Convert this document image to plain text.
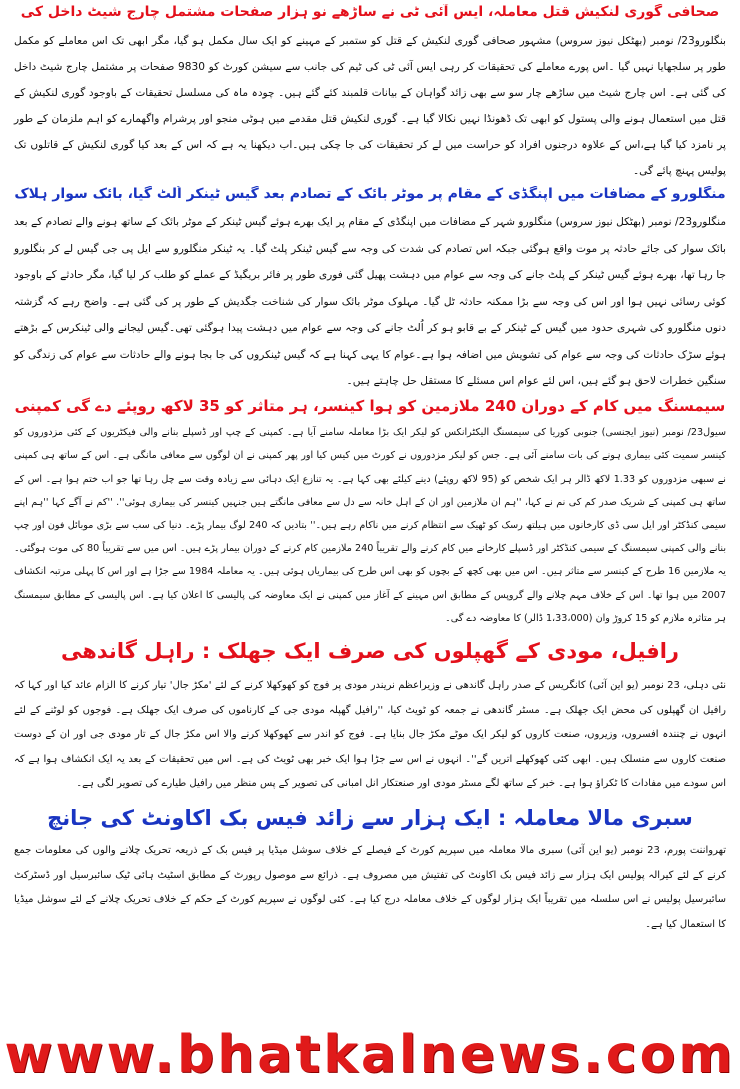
صحافی گوری لنکیش قتل معاملہ، ایس آئی ٹی نے ساڑھے نو ہزار صفحات مشتمل چارج شیٹ داخل کی

بنگلورو23/ نومبر (بھٹکل نیوز سروس) مشہور صحافی گوری لنکیش کے قتل کو ستمبر کے مہینے کو ایک سال مکمل ہو گیا، مگر ابھی تک اس معاملے کو مکمل طور پر سلجھایا نہیں گیا ۔اس پورے معاملے کی تحقیقات کر رہی ایس آئی ٹی کی ٹیم کی جانب سے سیشن کورٹ کو 9830 صفحات پر مشتمل چارج شیٹ داخل کی گئی ہے۔ اس چارج شیٹ میں ساڑھے چار سو سے بھی زائد گواہان کے بیانات قلمبند کئے گئے ہیں۔ چودہ ماہ کی مسلسل تحقیقات کے باوجود گوری لنکیش کے قتل میں استعمال ہونے والی پستول کو ابھی تک ڈھونڈا نہیں نکالا گیا ہے۔ گوری لنکیش قتل مقدمے میں ہوٹی منجو اور پرشرام واگھمارے کو اہم ملزمان کے طور پر نامزد کیا گیا ہے،اس کے علاوہ درجنوں افراد کو حراست میں لے کر تحقیقات کی جا چکی ہیں۔اب دیکھنا یہ ہے کہ اس کے بعد کیا گوری لنکیش کے قاتلوں تک پولیس پہنچ پائے گی۔

منگلورو کے مضافات میں اپنگڈی کے مقام پر موٹر بائک کے تصادم بعد گیس ٹینکر اُلٹ گیا، بائک سوار ہلاک

منگلورو23/ نومبر (بھٹکل نیوز سروس) منگلورو شہر کے مضافات میں اپنگڈی کے مقام پر ایک بھرے ہوئے گیس ٹینکر کے موٹر بائک کے ساتھ ہونے والے تصادم کے بعد بائک سوار کی جائے حادثہ پر موت واقع ہوگئی جبکہ اس تصادم کی شدت کی وجہ سے گیس ٹینکر پلٹ گیا۔ یہ ٹینکر منگلورو سے ایل پی جی گیس لے کر بنگلورو جا رہا تھا، بھرے ہوئے گیس ٹینکر کے پلٹ جانے کی وجہ سے عوام میں دہشت پھیل گئی فوری طور پر فائر بریگیڈ کے عملے کو طلب کر لیا گیا، مگر حادثے کے باوجود کوئی رسائی نہیں ہوا اور اس کی وجہ سے بڑا ممکنہ حادثہ ٹل گیا۔ مہلوک موٹر بائک سوار کی شناخت جگدیش کے طور پر کی گئی ہے۔ واضح رہے کہ گزشتہ دنوں منگلورو کی شہری حدود میں گیس کے ٹینکر کے بے قابو ہو کر اُلٹ جانے کی وجہ سے عوام میں دہشت پیدا ہوگئی تھی۔گیس لیجانے والی ٹینکرس کے بڑھتے ہوئے سڑک حادثات کی وجہ سے عوام کی تشویش میں اضافہ ہوا ہے۔عوام کا یہی کہنا ہے کہ گیس ٹینکروں کی جا بجا ہونے والے حادثات سے عوام کی زندگی کو سنگین خطرات لاحق ہو گئے ہیں، اس لئے عوام اس مسئلے کا مستقل حل چاہتے ہیں۔

سیمسنگ میں کام کے دوران 240 ملازمین کو ہوا کینسر، ہر متاثر کو 35 لاکھ روپئے دے گی کمپنی

سیول23/ نومبر (نیوز ایجنسی) جنوبی کوریا کی سیمسنگ الیکٹرانکس کو لیکر ایک بڑا معاملہ سامنے آیا ہے۔ کمپنی کے چپ اور ڈسپلے بنانے والی فیکٹریوں کے کئی مزدوروں کو کینسر سمیت کئی بیماری ہونے کی بات سامنے آئی ہے۔ جس کو لیکر مزدوروں نے کورٹ میں کیس کیا اور پھر کمپنی نے ان لوگوں سے معافی مانگی ہے۔ اس کے ساتھ ہی کمپنی نے سبھی مزدوروں کو 1.33 لاکھ ڈالر ہر ایک شخص کو (95 لاکھ روپئے) دینے کیلئے بھی کہا ہے۔ یہ تنازع ایک دہائی سے زیادہ وقت سے چل رہا تھا جو اب ختم ہوا ہے۔ اس کے ساتھ ہی کمپنی کے شریک صدر کم کی نم نے کہا، ''ہم ان ملازمین اور ان کے اہل خانہ سے دل سے معافی مانگتے ہیں جنہیں کینسر کی بیماری ہوئی''. ''کم نے آگے کہا ''ہم اپنے سیمی کنڈکٹر اور ایل سی ڈی کارخانوں میں ہیلتھ رسک کو ٹھیک سے انتظام کرنے میں ناکام رہے ہیں۔'' بتادیں کہ 240 لوگ بیمار پڑے۔ دنیا کی سب سے بڑی موبائل فون اور چپ بنانے والی کمپنی سیمسنگ کے سیمی کنڈکٹر اور ڈسپلے کارخانے میں کام کرنے والے تقریباً 240 ملازمین کام کرنے کے دوران بیمار پڑے ہیں۔ اس میں سے تقریباً 80 کی موت ہوگئی۔ یہ ملازمین 16 طرح کے کینسر سے متاثر ہیں۔ اس میں بھی کچھ کے بچوں کو بھی اس طرح کی بیماریاں ہوئی ہیں۔ یہ معاملہ 1984 سے جڑا ہے اور اس کا پہلی مرتبہ انکشاف 2007 میں ہوا تھا۔ اس کے خلاف مہم چلانے والے گروپس کے مطابق اس مہینے کے آغاز میں کمپنی نے ایک معاوضہ کی پالیسی کا اعلان کیا ہے۔ اس پالیسی کے مطابق سیمسنگ ہر متاثرہ ملازم کو 15 کروڑ وان (1،33،000 ڈالر) کا معاوضہ دے گی۔

رافیل، مودی کے گھپلوں کی صرف ایک جھلک : راہل گاندھی

نئی دہلی، 23 نومبر (یو این آئی) کانگریس کے صدر راہل گاندھی نے وزیراعظم نریندر مودی پر فوج کو کھوکھلا کرنے کے لئے 'مکڑ جال' تیار کرنے کا الزام عائد کیا اور کہا کہ رافیل ان گھپلوں کی محض ایک جھلک ہے۔ مسٹر گاندھی نے جمعہ کو ٹویٹ کیا، ''رافیل گھپلہ مودی جی کے کارناموں کی صرف ایک جھلک ہے۔ فوجوں کو لوٹنے کے لئے انہوں نے چنندہ افسروں، وزیروں، صنعت کاروں کو لیکر ایک موٹے مکڑ جال بنایا ہے۔ فوج کو اندر سے کھوکھلا کرنے والا اس مکڑ جال کے تار مودی جی اور ان کے دوست صنعت کاروں سے منسلک ہیں۔ ابھی کئی کھوکھلے اتریں گے''۔ انہوں نے اس سے جڑا ہوا ایک خبر بھی ٹویٹ کی ہے۔ اس میں تحقیقات کے بعد یہ ایک انکشاف ہوا ہے کہ اس سودے میں مفادات کا ٹکراؤ ہوا ہے۔ خبر کے ساتھ لگے مسٹر مودی اور صنعتکار انل امبانی کی تصویر کے پس منظر میں رافیل طیارے کی تصویر لگی ہے۔

سبری مالا معاملہ : ایک ہزار سے زائد فیس بک اکاونٹ کی جانچ

تھرواننت پورم، 23 نومبر (یو این آئی) سبری مالا معاملہ میں سپریم کورٹ کے فیصلے کے خلاف سوشل میڈیا پر فیس بک کے ذریعہ تحریک چلانے والوں کی معلومات جمع کرنے کے لئے کیرالہ پولیس ایک ہزار سے زائد فیس بک اکاونٹ کی تفتیش میں مصروف ہے۔ ذرائع سے موصول رپورٹ کے مطابق اسٹیٹ ہائی ٹیک سائبرسیل اور ڈسٹرکٹ سائبرسیل پولیس نے اس سلسلہ میں تقریباً ایک ہزار لوگوں کے خلاف معاملہ درج کیا ہے۔ کئی لوگوں نے سپریم کورٹ کے حکم کے خلاف تحریک چلانے کے لئے سوشل میڈیا کا استعمال کیا ہے۔

www.bhatkalnews.com
